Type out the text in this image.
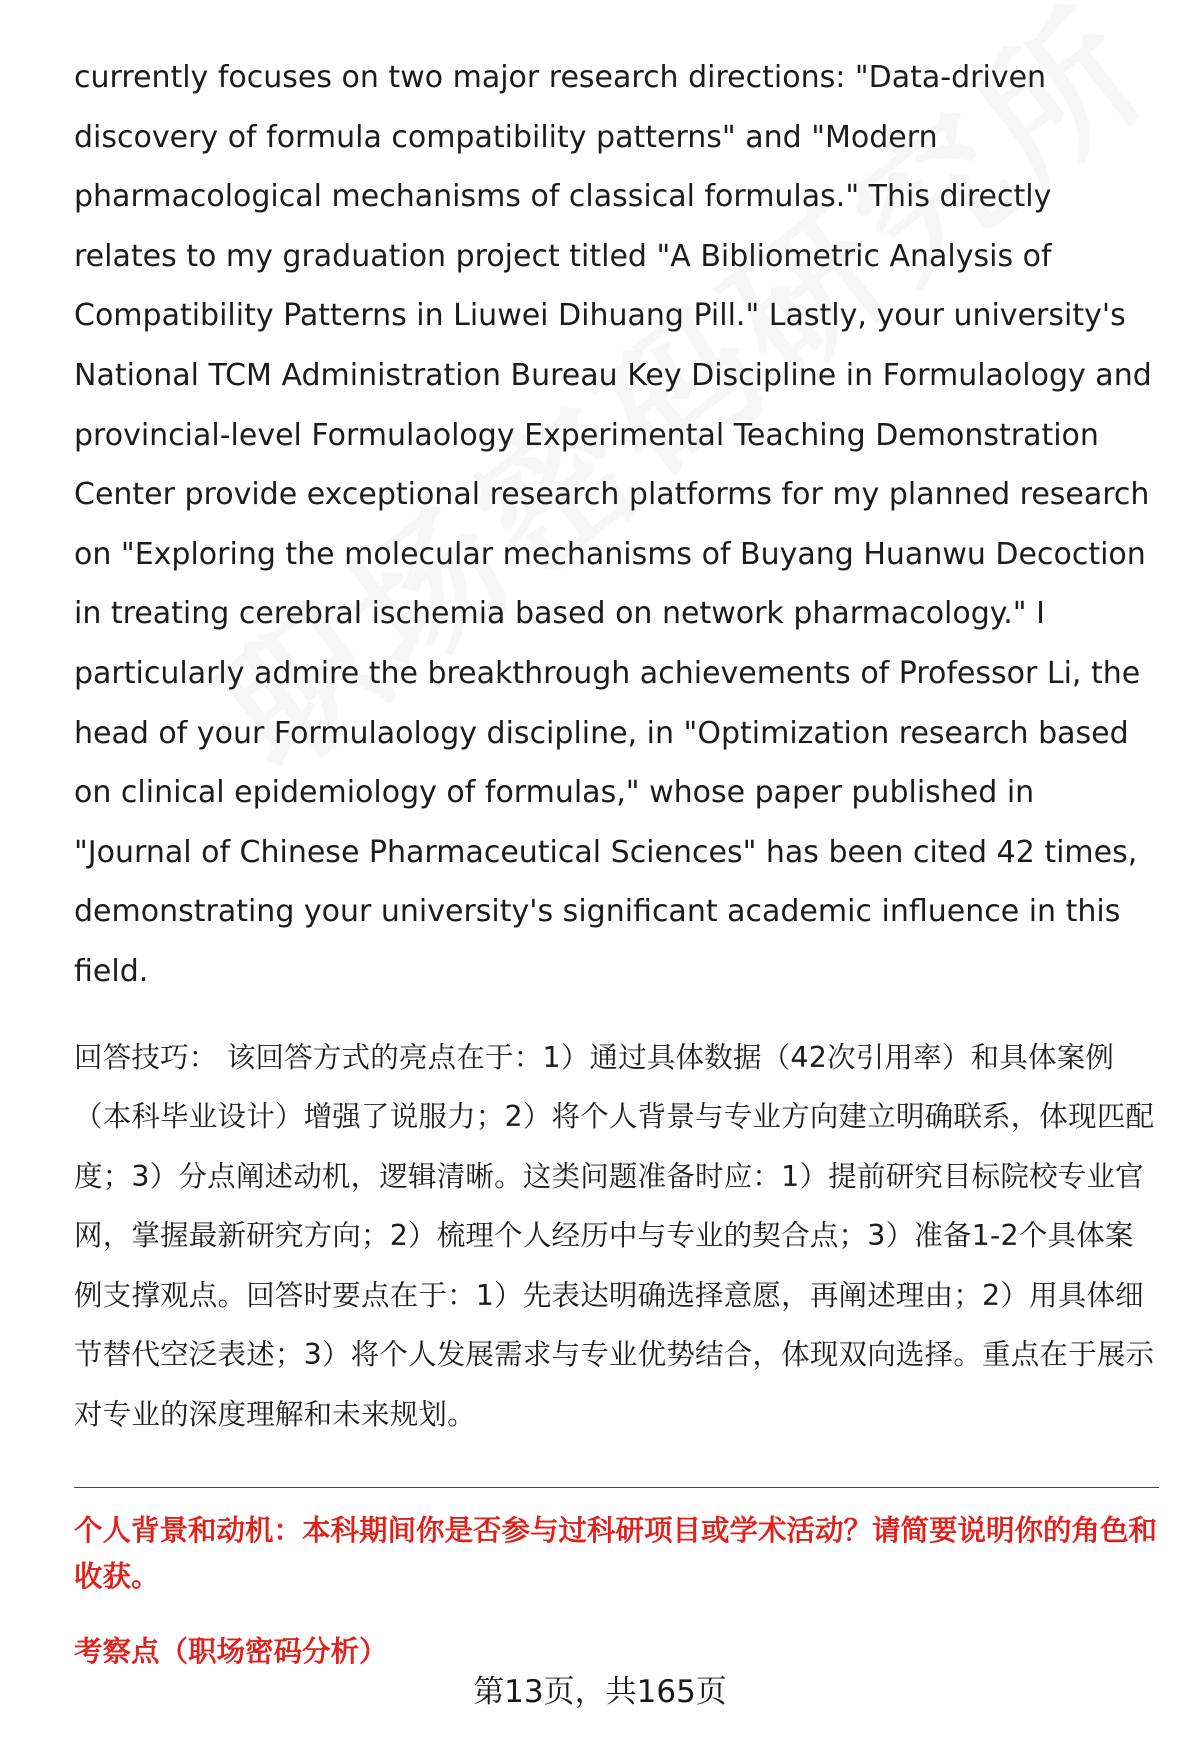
currently focuses on two major research directions: "Data-driven discovery of formula compatibility patterns" and "Modern pharmacological mechanisms of classical formulas." This directly relates to my graduation project titled "A Bibliometric Analysis of Compatibility Patterns in Liuwei Dihuang Pill." Lastly, your university's National TCM Administration Bureau Key Discipline in Formulaology and provincial-level Formulaology Experimental Teaching Demonstration Center provide exceptional research platforms for my planned research on "Exploring the molecular mechanisms of Buyang Huanwu Decoction in treating cerebral ischemia based on network pharmacology." I particularly admire the breakthrough achievements of Professor Li, the head of your Formulaology discipline, in "Optimization research based on clinical epidemiology of formulas," whose paper published in "Journal of Chinese Pharmaceutical Sciences" has been cited 42 times, demonstrating your university's significant academic influence in this field.

回答技巧： 该回答方式的亮点在于：1）通过具体数据（42次引用率）和具体案例（本科毕业设计）增强了说服力；2）将个人背景与专业方向建立明确联系，体现匹配度；3）分点阐述动机，逻辑清晰。这类问题准备时应：1）提前研究目标院校专业官网，掌握最新研究方向；2）梳理个人经历中与专业的契合点；3）准备1-2个具体案例支撑观点。回答时要点在于：1）先表达明确选择意愿，再阐述理由；2）用具体细节替代空泛表述；3）将个人发展需求与专业优势结合，体现双向选择。重点在于展示对专业的深度理解和未来规划。

个人背景和动机：本科期间你是否参与过科研项目或学术活动？请简要说明你的角色和收获。

考察点（职场密码分析）

第13页，共165页
